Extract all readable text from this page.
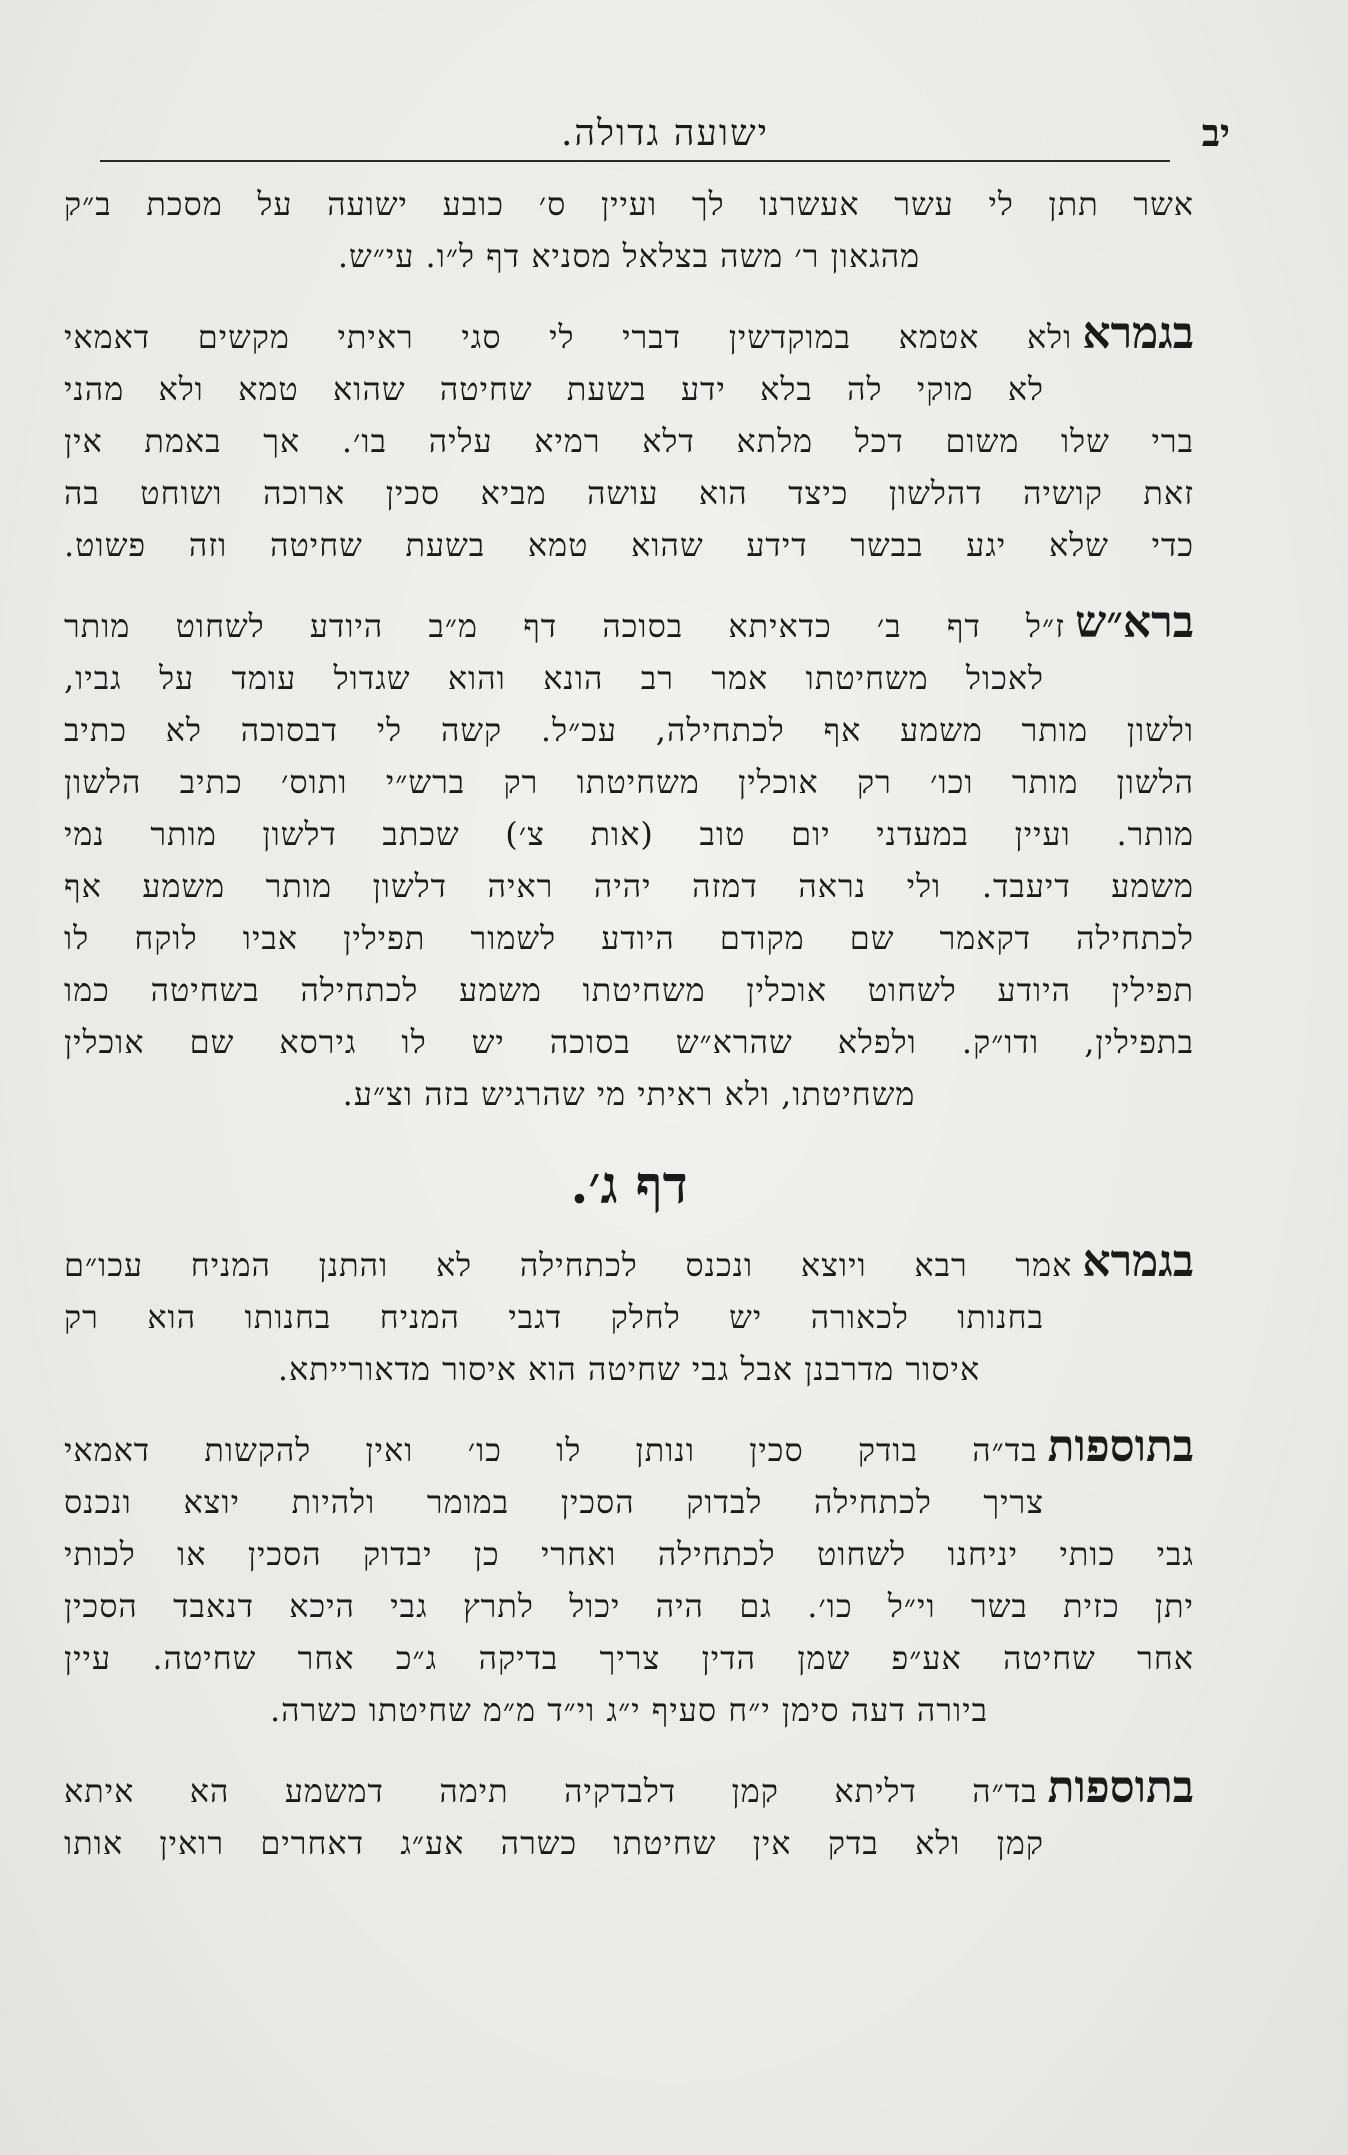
יב
ישועה גדולה.
אשר תתן לי עשר אעשרנו לך ועיין ס׳ כובע ישועה על מסכת ב״ק
מהגאון ר׳ משה בצלאל מסניא דף ל״ו. עי״ש.
בגמראולא אטמא במוקדשין דברי לי סגי ראיתי מקשים דאמאי
לא מוקי לה בלא ידע בשעת שחיטה שהוא טמא ולא מהני
ברי שלו משום דכל מלתא דלא רמיא עליה בו׳. אך באמת אין
זאת קושיה דהלשון כיצד הוא עושה מביא סכין ארוכה ושוחט בה
כדי שלא יגע בבשר דידע שהוא טמא בשעת שחיטה וזה פשוט.
ברא״שז״ל דף ב׳ כדאיתא בסוכה דף מ״ב היודע לשחוט מותר
לאכול משחיטתו אמר רב הונא והוא שגדול עומד על גביו,
ולשון מותר משמע אף לכתחילה, עכ״ל. קשה לי דבסוכה לא כתיב
הלשון מותר וכו׳ רק אוכלין משחיטתו רק ברש״י ותוס׳ כתיב הלשון
מותר. ועיין במעדני יום טוב (אות צ׳) שכתב דלשון מותר נמי
משמע דיעבד. ולי נראה דמזה יהיה ראיה דלשון מותר משמע אף
לכתחילה דקאמר שם מקודם היודע לשמור תפילין אביו לוקח לו
תפילין היודע לשחוט אוכלין משחיטתו משמע לכתחילה בשחיטה כמו
בתפילין, ודו״ק. ולפלא שהרא״ש בסוכה יש לו גירסא שם אוכלין
משחיטתו, ולא ראיתי מי שהרגיש בזה וצ״ע.
דף ג׳.
בגמראאמר רבא ויוצא ונכנס לכתחילה לא והתנן המניח עכו״ם
בחנותו לכאורה יש לחלק דגבי המניח בחנותו הוא רק
איסור מדרבנן אבל גבי שחיטה הוא איסור מדאורייתא.
בתוספותבד״ה בודק סכין ונותן לו כו׳ ואין להקשות דאמאי
צריך לכתחילה לבדוק הסכין במומר ולהיות יוצא ונכנס
גבי כותי יניחנו לשחוט לכתחילה ואחרי כן יבדוק הסכין או לכותי
יתן כזית בשר וי״ל כו׳. גם היה יכול לתרץ גבי היכא דנאבד הסכין
אחר שחיטה אע״פ שמן הדין צריך בדיקה ג״כ אחר שחיטה. עיין
ביורה דעה סימן י״ח סעיף י״ג וי״ד מ״מ שחיטתו כשרה.
בתוספותבד״ה דליתא קמן דלבדקיה תימה דמשמע הא איתא
קמן ולא בדק אין שחיטתו כשרה אע״ג דאחרים רואין אותו
